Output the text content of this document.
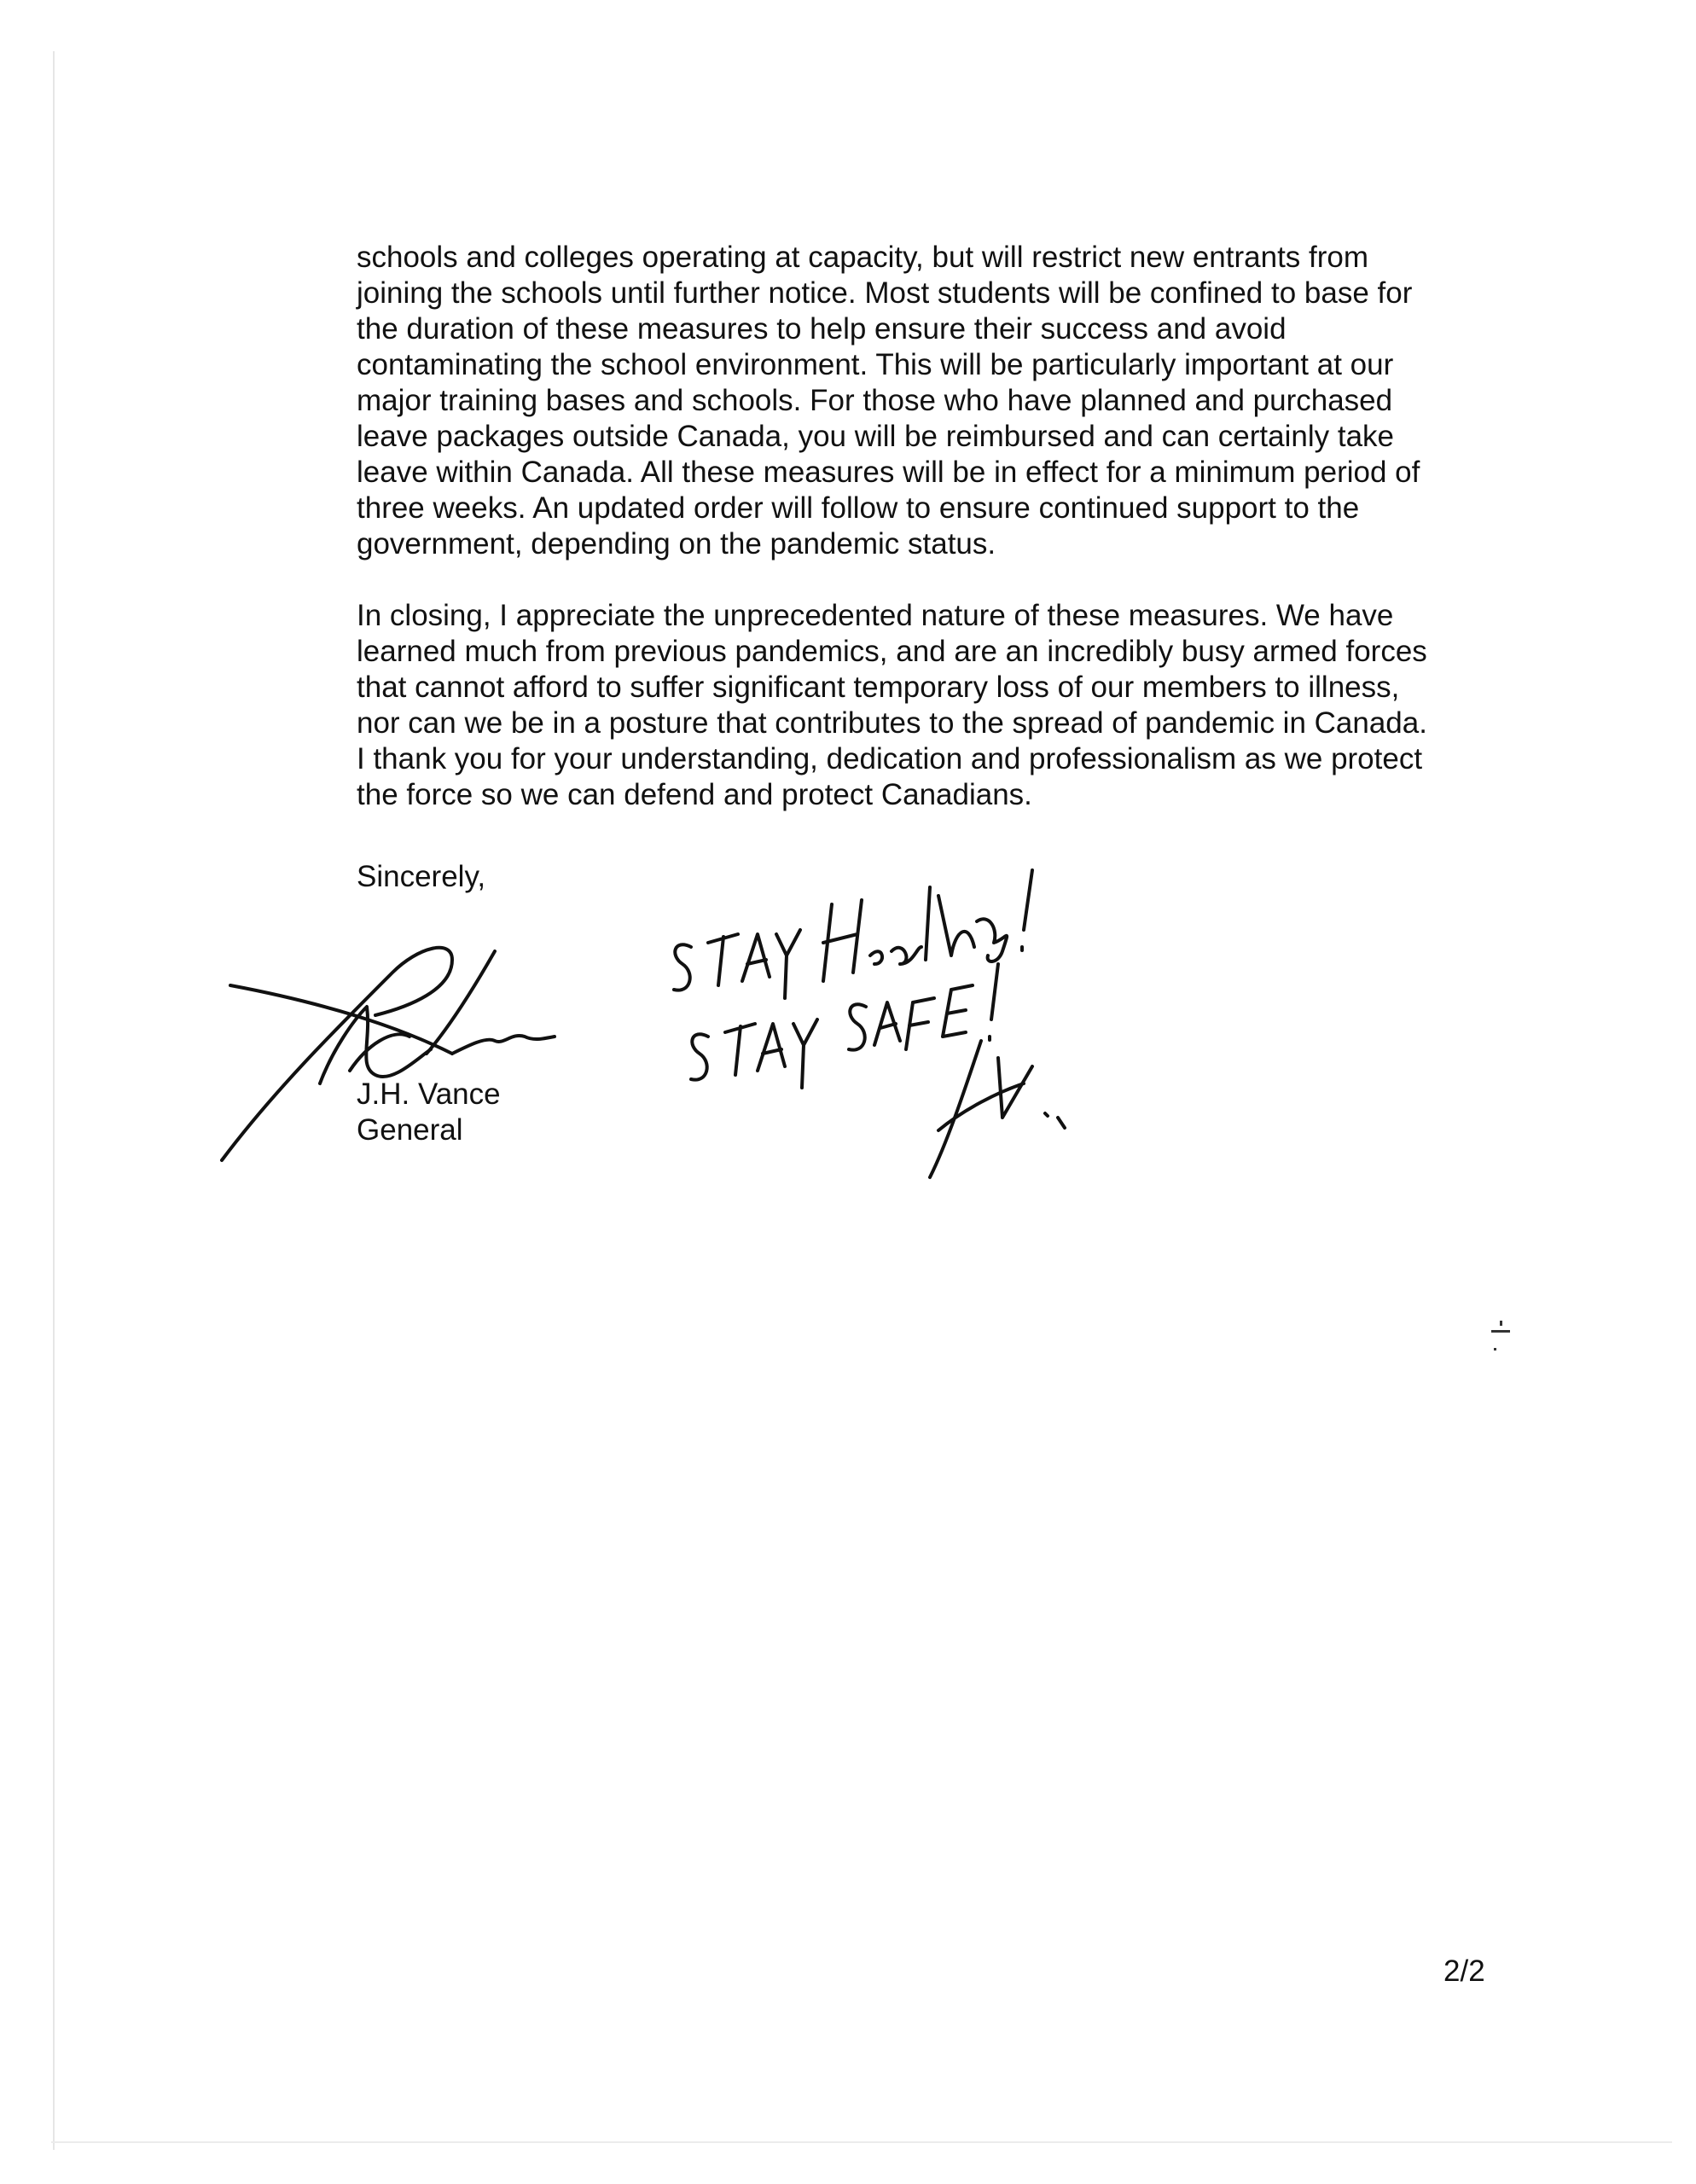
schools and colleges operating at capacity, but will restrict new entrants from
joining the schools until further notice. Most students will be confined to base for
the duration of these measures to help ensure their success and avoid
contaminating the school environment. This will be particularly important at our
major training bases and schools. For those who have planned and purchased
leave packages outside Canada, you will be reimbursed and can certainly take
leave within Canada. All these measures will be in effect for a minimum period of
three weeks. An updated order will follow to ensure continued support to the
government, depending on the pandemic status.
In closing, I appreciate the unprecedented nature of these measures. We have
learned much from previous pandemics, and are an incredibly busy armed forces
that cannot afford to suffer significant temporary loss of our members to illness,
nor can we be in a posture that contributes to the spread of pandemic in Canada.
I thank you for your understanding, dedication and professionalism as we protect
the force so we can defend and protect Canadians.
Sincerely,
J.H. Vance
General
2/2
